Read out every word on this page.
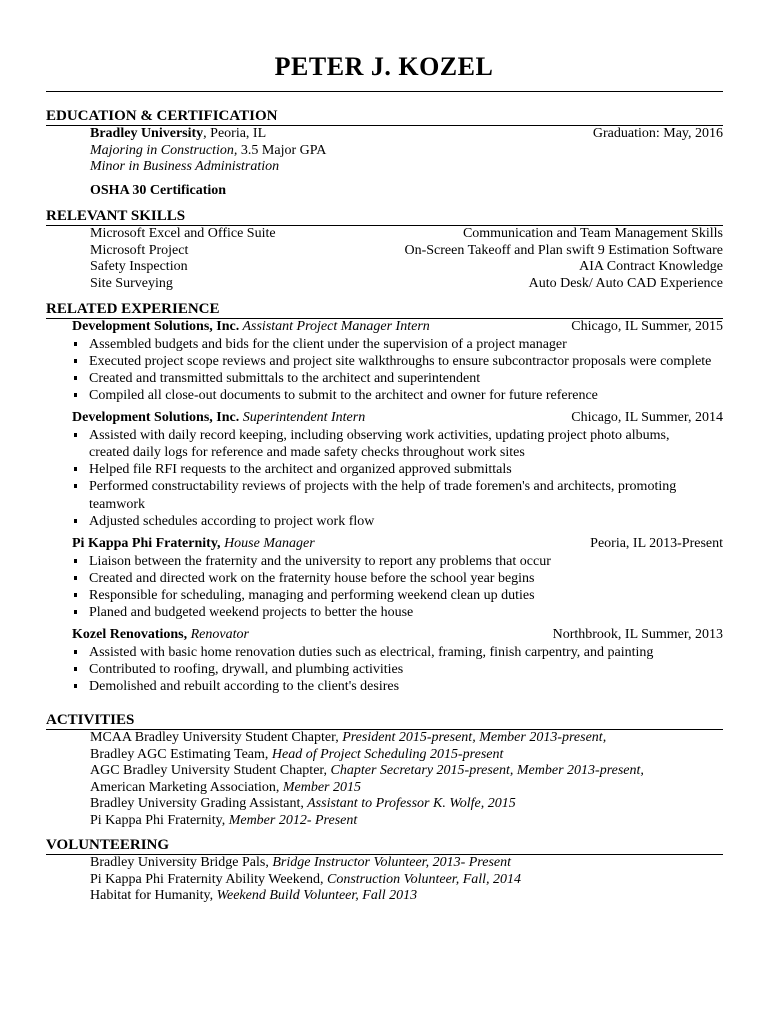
PETER J. KOZEL
EDUCATION & CERTIFICATION
Bradley University, Peoria, IL	Graduation: May, 2016
Majoring in Construction, 3.5 Major GPA
Minor in Business Administration
OSHA 30 Certification
RELEVANT SKILLS
Microsoft Excel and Office Suite	Communication and Team Management Skills
Microsoft Project	On-Screen Takeoff and Plan swift 9 Estimation Software
Safety Inspection	AIA Contract Knowledge
Site Surveying	Auto Desk/ Auto CAD Experience
RELATED EXPERIENCE
Development Solutions, Inc. Assistant Project Manager Intern	Chicago, IL Summer, 2015
Assembled budgets and bids for the client under the supervision of a project manager
Executed project scope reviews and project site walkthroughs to ensure subcontractor proposals were complete
Created and transmitted submittals to the architect and superintendent
Compiled all close-out documents to submit to the architect and owner for future reference
Development Solutions, Inc. Superintendent Intern	Chicago, IL Summer, 2014
Assisted with daily record keeping, including observing work activities, updating project photo albums, created daily logs for reference and made safety checks throughout work sites
Helped file RFI requests to the architect and organized approved submittals
Performed constructability reviews of projects with the help of trade foremen's and architects, promoting teamwork
Adjusted schedules according to project work flow
Pi Kappa Phi Fraternity, House Manager	Peoria, IL 2013-Present
Liaison between the fraternity and the university to report any problems that occur
Created and directed work on the fraternity house before the school year begins
Responsible for scheduling, managing and performing weekend clean up duties
Planed and budgeted weekend projects to better the house
Kozel Renovations, Renovator	Northbrook, IL Summer, 2013
Assisted with basic home renovation duties such as electrical, framing, finish carpentry, and painting
Contributed to roofing, drywall, and plumbing activities
Demolished and rebuilt according to the client's desires
ACTIVITIES
MCAA Bradley University Student Chapter, President 2015-present, Member 2013-present,
Bradley AGC Estimating Team, Head of Project Scheduling 2015-present
AGC Bradley University Student Chapter, Chapter Secretary 2015-present, Member 2013-present,
American Marketing Association, Member 2015
Bradley University Grading Assistant, Assistant to Professor K. Wolfe, 2015
Pi Kappa Phi Fraternity, Member 2012- Present
VOLUNTEERING
Bradley University Bridge Pals, Bridge Instructor Volunteer, 2013- Present
Pi Kappa Phi Fraternity Ability Weekend, Construction Volunteer, Fall, 2014
Habitat for Humanity, Weekend Build Volunteer, Fall 2013
